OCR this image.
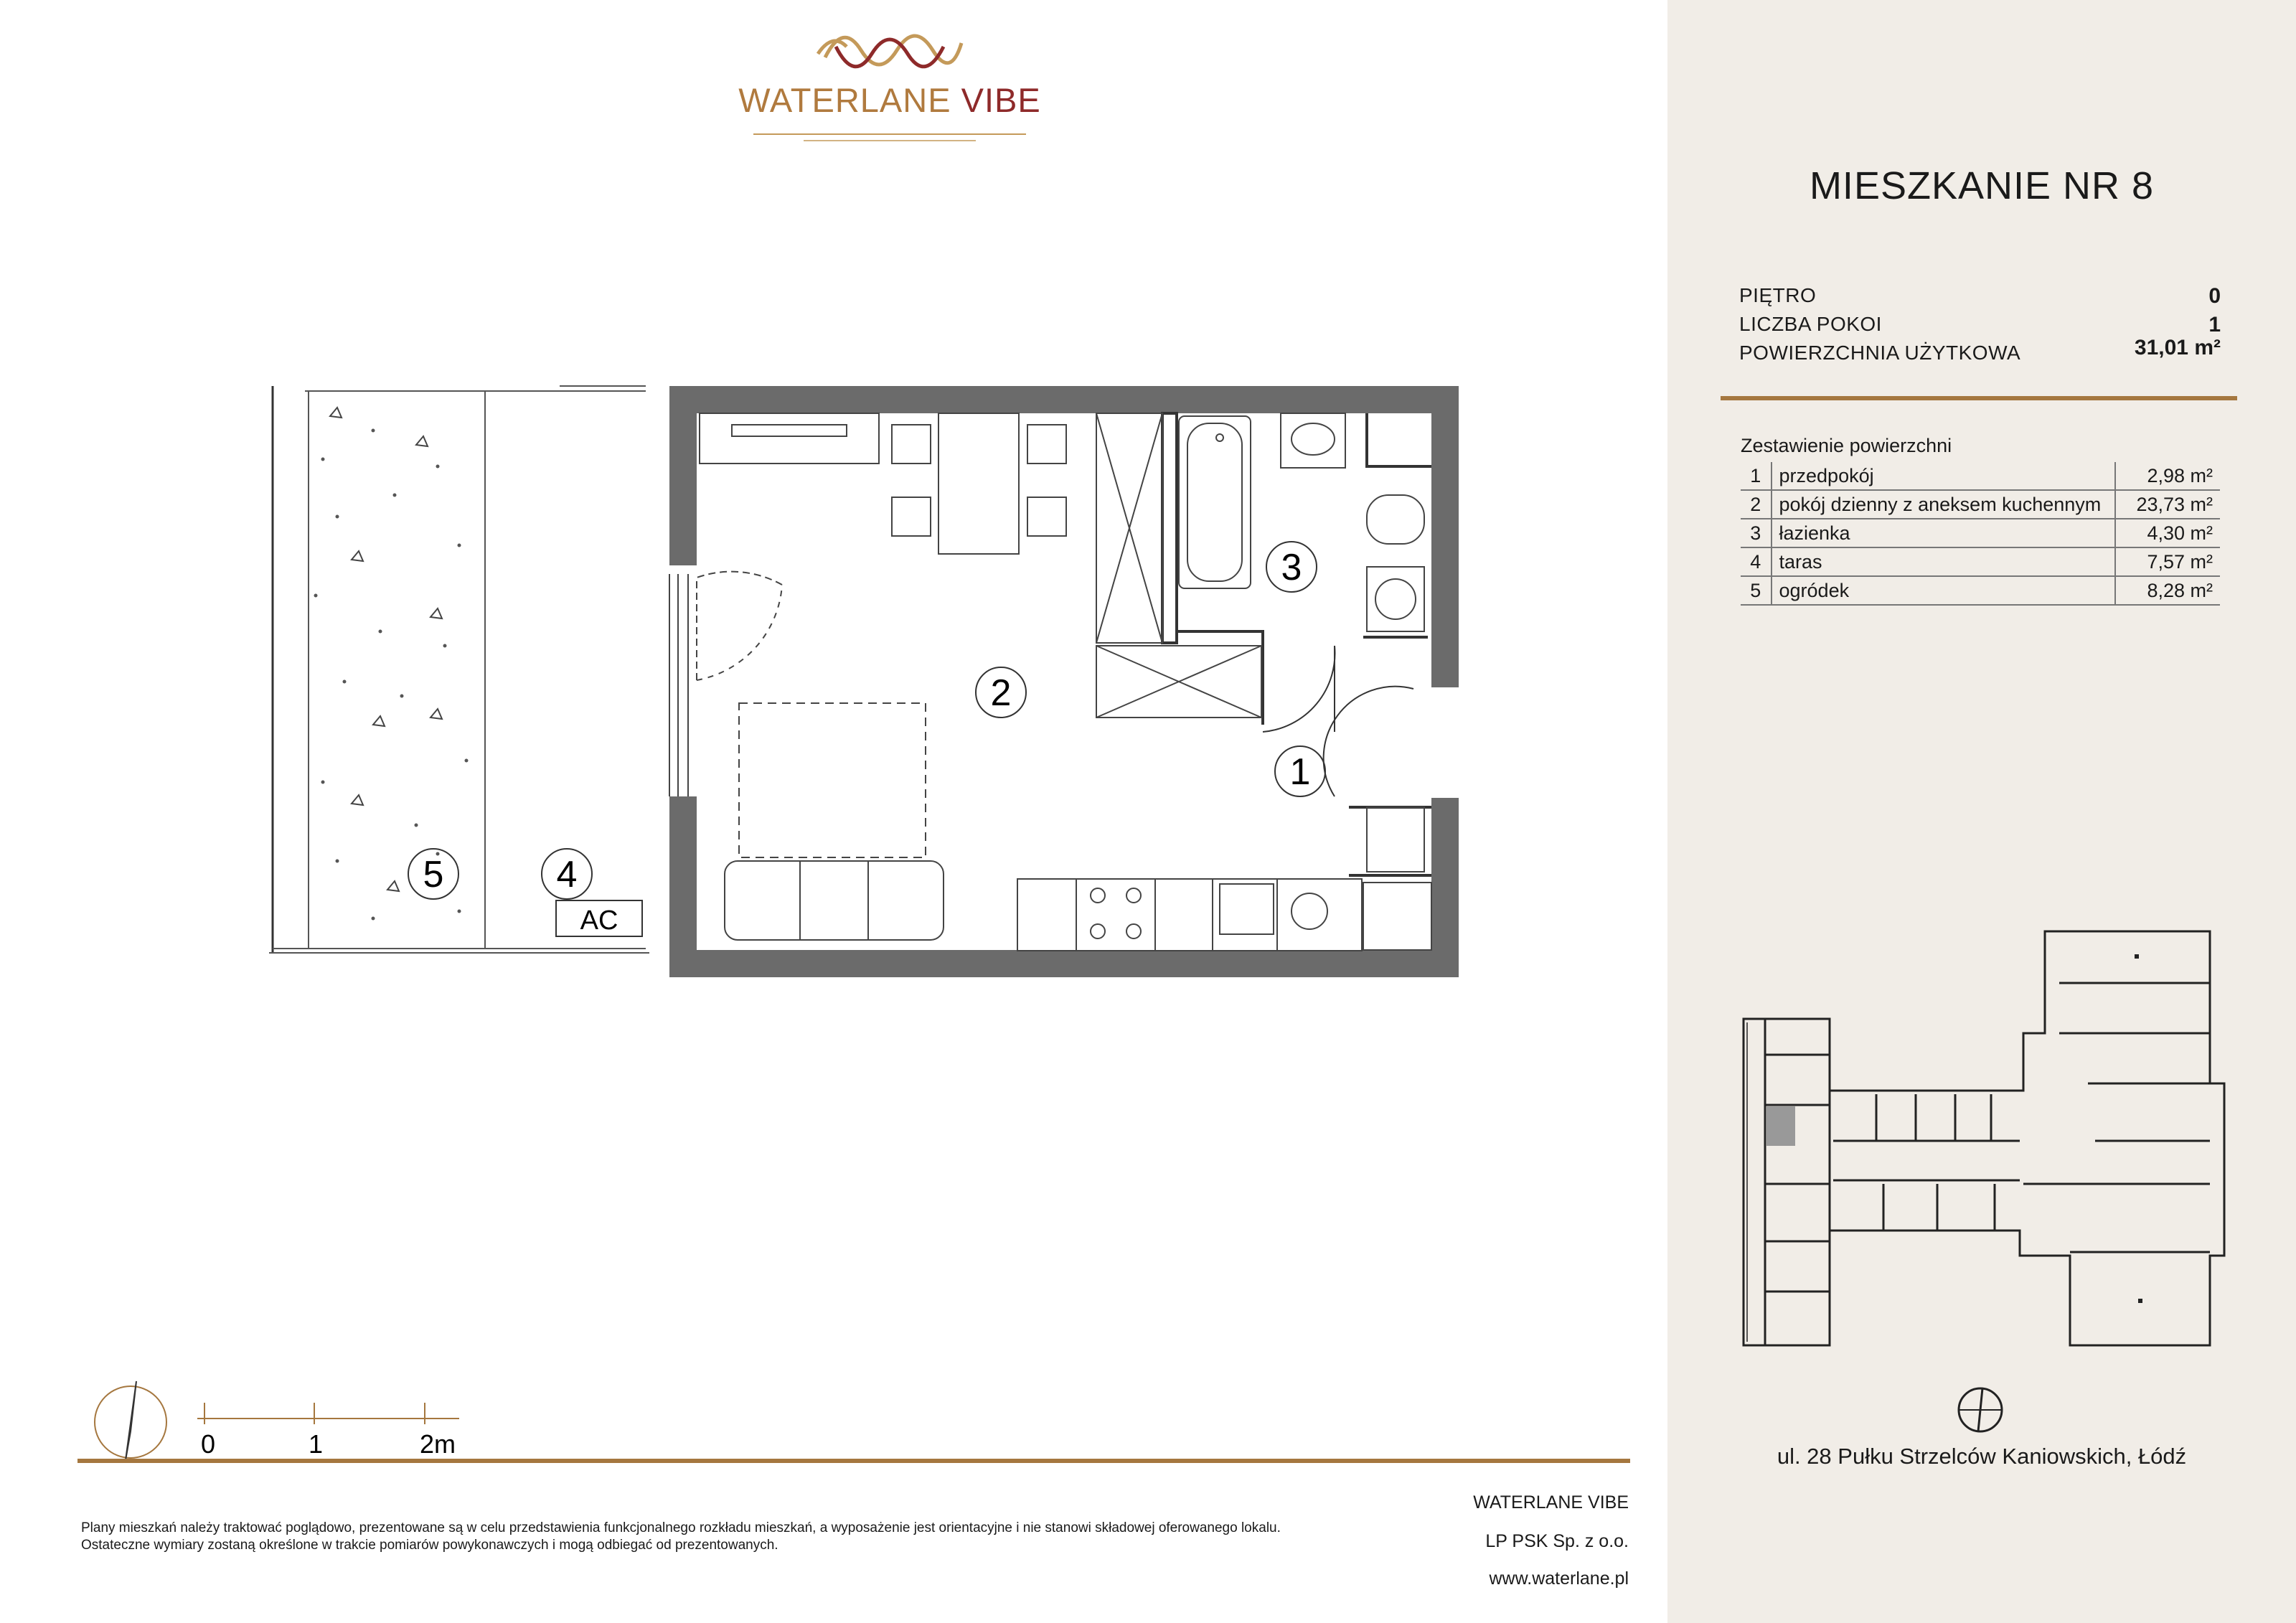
WATERLANE VIBE
2
3
1
4
5
AC
0	1	2m
MIESZKANIE NR 8
PIĘTRO	0
LICZBA POKOI	1
POWIERZCHNIA UŻYTKOWA	31,01 m²
Zestawienie powierzchni
1	przedpokój	2,98 m²
2	pokój dzienny z aneksem kuchennym	23,73 m²
3	łazienka	4,30 m²
4	taras	7,57 m²
5	ogródek	8,28 m²
ul. 28 Pułku Strzelców Kaniowskich, Łódź
Plany mieszkań należy traktować poglądowo, prezentowane są w celu przedstawienia funkcjonalnego rozkładu mieszkań, a wyposażenie jest orientacyjne i nie stanowi składowej oferowanego lokalu.
Ostateczne wymiary zostaną określone w trakcie pomiarów powykonawczych i mogą odbiegać od prezentowanych.
WATERLANE VIBE
LP PSK Sp. z o.o.
www.waterlane.pl
